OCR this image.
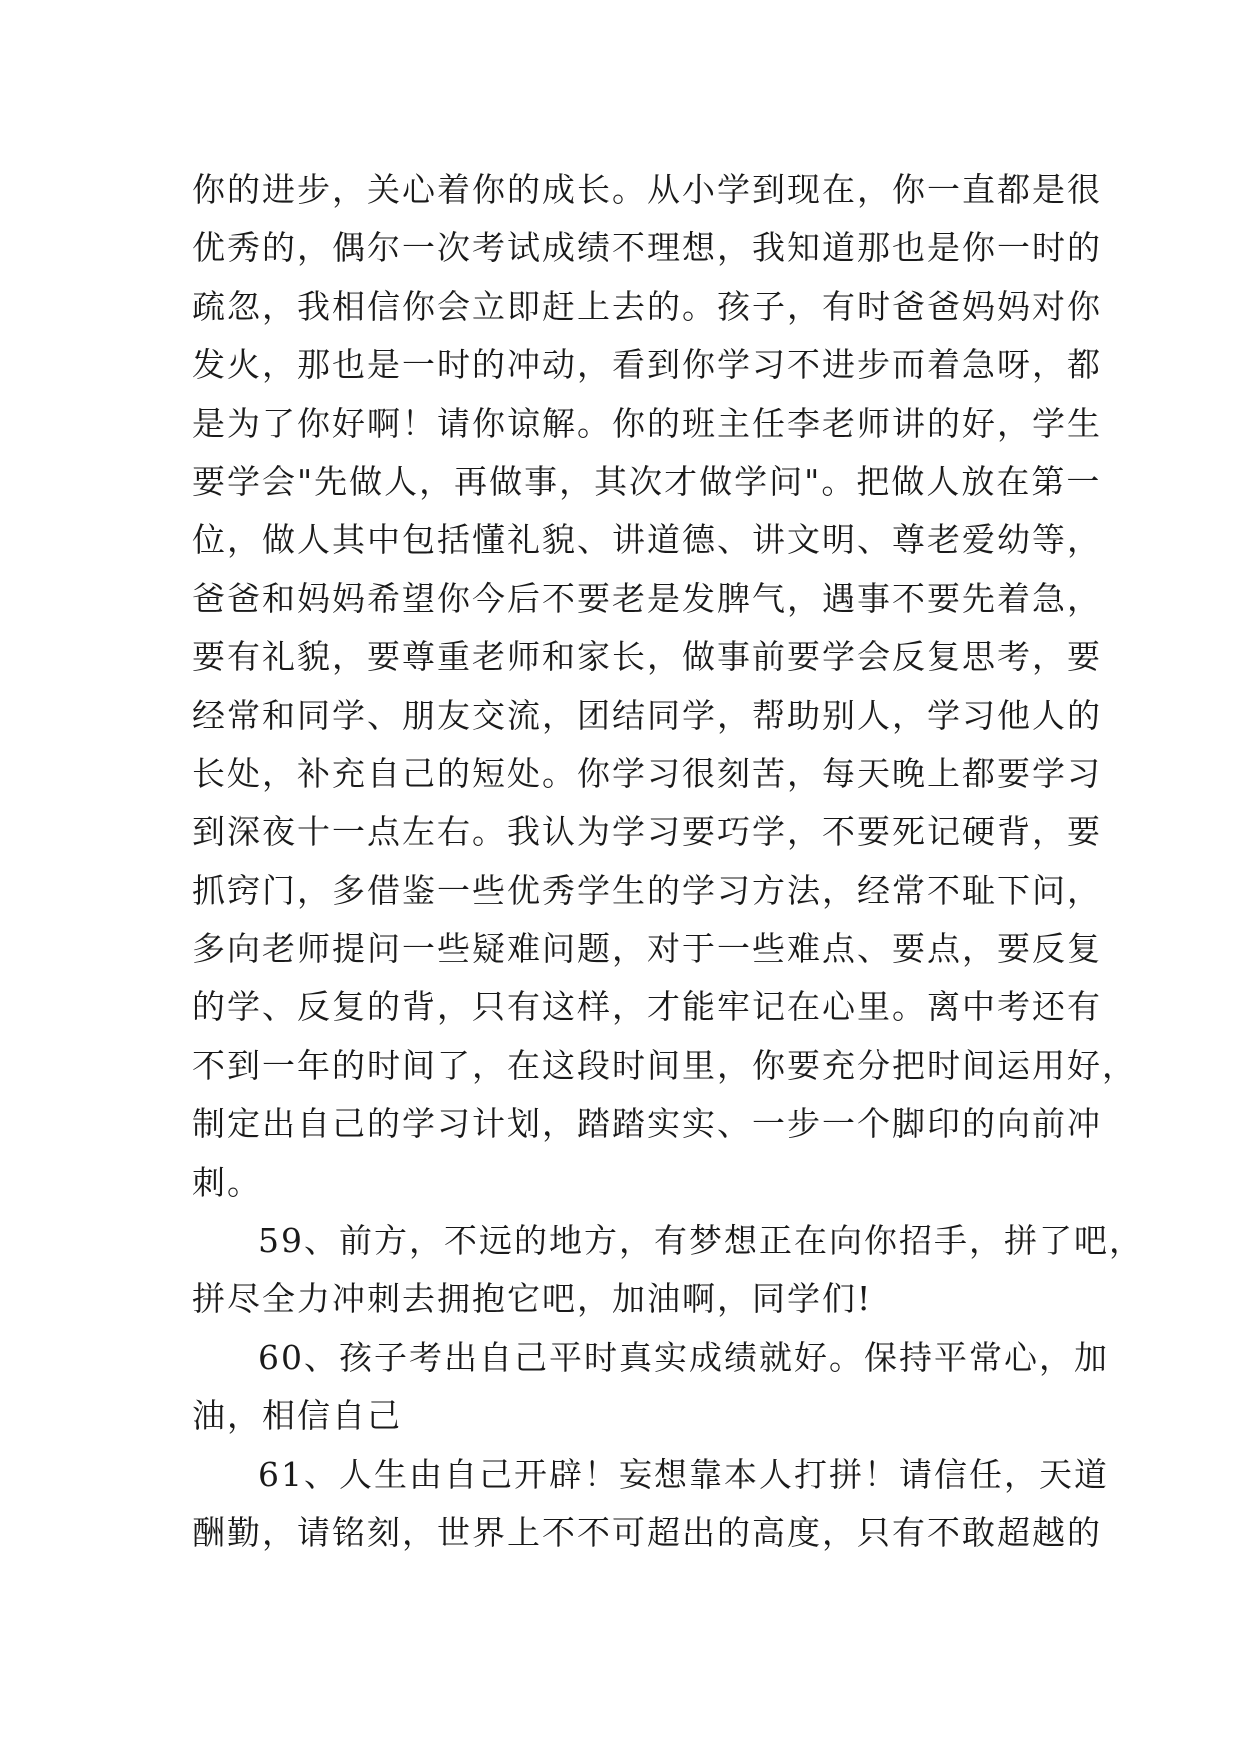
你的进步，关心着你的成长。从小学到现在，你一直都是很
优秀的，偶尔一次考试成绩不理想，我知道那也是你一时的
疏忽，我相信你会立即赶上去的。孩子，有时爸爸妈妈对你
发火，那也是一时的冲动，看到你学习不进步而着急呀，都
是为了你好啊！请你谅解。你的班主任李老师讲的好，学生
要学会"先做人，再做事，其次才做学问"。把做人放在第一
位，做人其中包括懂礼貌、讲道德、讲文明、尊老爱幼等，
爸爸和妈妈希望你今后不要老是发脾气，遇事不要先着急，
要有礼貌，要尊重老师和家长，做事前要学会反复思考，要
经常和同学、朋友交流，团结同学，帮助别人，学习他人的
长处，补充自己的短处。你学习很刻苦，每天晚上都要学习
到深夜十一点左右。我认为学习要巧学，不要死记硬背，要
抓窍门，多借鉴一些优秀学生的学习方法，经常不耻下问，
多向老师提问一些疑难问题，对于一些难点、要点，要反复
的学、反复的背，只有这样，才能牢记在心里。离中考还有
不到一年的时间了，在这段时间里，你要充分把时间运用好，
制定出自己的学习计划，踏踏实实、一步一个脚印的向前冲
刺。
59、前方，不远的地方，有梦想正在向你招手，拼了吧，
拼尽全力冲刺去拥抱它吧，加油啊，同学们!
60、孩子考出自己平时真实成绩就好。保持平常心，加
油，相信自己
61、人生由自己开辟！妄想靠本人打拼！请信任，天道
酬勤，请铭刻，世界上不不可超出的高度，只有不敢超越的
